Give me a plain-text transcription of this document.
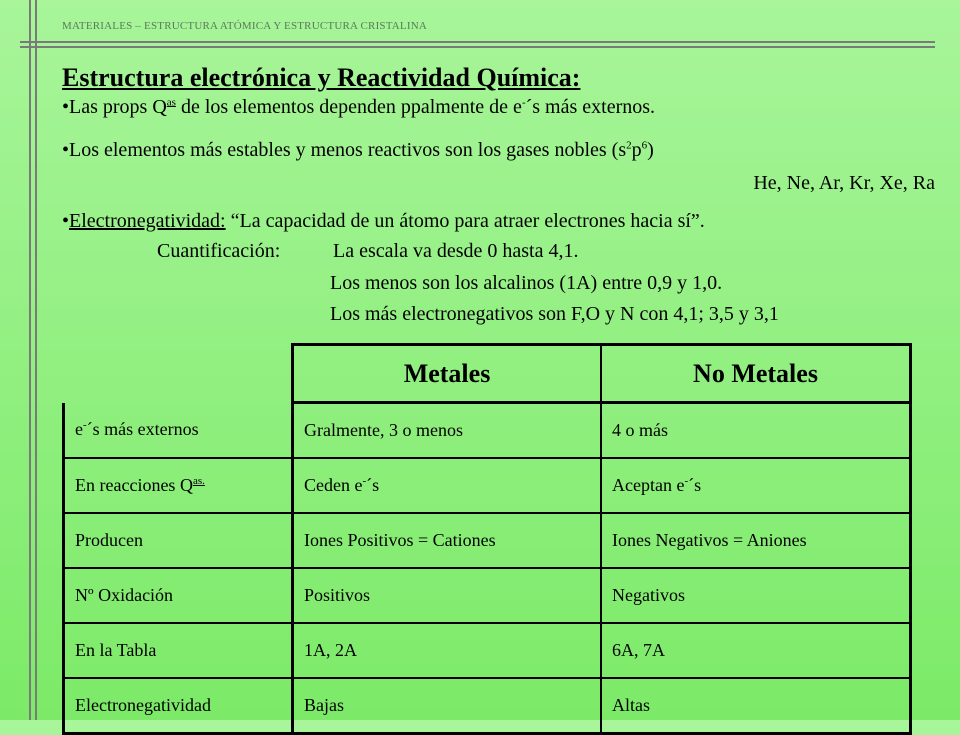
MATERIALES – ESTRUCTURA ATÓMICA Y ESTRUCTURA CRISTALINA
Estructura electrónica y Reactividad Química:
•Las props $Q^{as}$ de los elementos dependen ppalmente de e-´s más externos.
•Los elementos más estables y menos reactivos son los gases nobles $(s^2p^6)$
He, Ne, Ar, Kr, Xe, Ra
•Electronegatividad: “La capacidad de un átomo para atraer electrones hacia sí”.
Cuantificación:	La escala va desde 0 hasta 4,1.
Los menos son los alcalinos (1A) entre 0,9 y 1,0.
Los más electronegativos son F,O y N con 4,1; 3,5 y 3,1
	Metales	No Metales
e-´s más externos	Gralmente, 3 o menos	4 o más
En reacciones $Q^{as.}$	Ceden e-´s	Aceptan e-´s
Producen	Iones Positivos = Cationes	Iones Negativos = Aniones
Nº Oxidación	Positivos	Negativos
En la Tabla	1A, 2A	6A, 7A
Electronegatividad	Bajas	Altas
